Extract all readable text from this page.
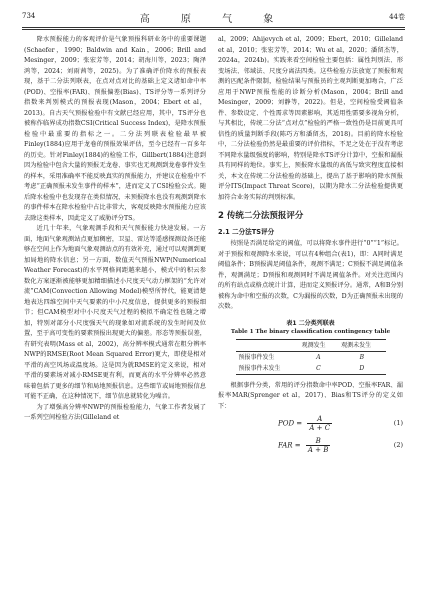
734	高 原 气 象	44卷

降水预报能力的客观评价是气象预报科研业务中的重要课题(Schaefer，1990；Baldwin and Kain，2006；Brill and Mesinger，2009；张宏芳等，2014；胡海川等，2023；陶泽鸿等，2024；刘雨茜等，2025)。为了准确评价降水的预报表现，基于二分法列联表，在点对点对比的基础上定义诸如命中率(POD)、空报率(FAR)、预报偏差(Bias)、TS评分等一系列评分指数来判别模式的预报表现(Mason，2004；Ebert et al，2013)。自古天气预报检验中有文献已经应用，其中，TS评分也被称作临界成功指数CSI(Critical Success Index)，是降水预报检验中最重要的指标之一。二分法列联表检验最早被Finley(1884)应用于龙卷的预报效果评估，至今已经有一百多年的历史。针对Finley(1884)的检验工作，Gillbert(1884)注意到因为检验中包含大量的预报无龙卷、事实也无观测到龙卷事件发生的样本，采用准确率不能反映真实的预报能力，并建议在检验中不考虑“正确预报未发生事件的样本”，进而定义了CSI检验公式。随后降水检验中也发现存在类似情况，未预报降水也没有观测到降水的事件样本在降水检验中占比非常大，客观反映降水预报能力应该去除这类样本，因此定义了威胁评分TS。

近几十年来，气象观测手段和天气预报能力快速发展。一方面，地面气象观测站点更加稠密，卫星、雷达等遥感探测设备还能够在空间上作为地面气象观测站点的有效补充，通过可以观测到更加局地的降水信息；另一方面，数值天气预报NWP(Numerical Weather Forecast)的水平网格间距越来越小，模式中的积云参数化方案逐渐被能够更加精细描述小尺度天气动力框架的“允许对流”CAM(Convection Allowing Model)模型所替代，能更清楚地表达四维空间中天气要素的中小尺度信息，提供更多的预报细节；但CAM模型对中小尺度天气过程的模拟不确定性也随之增加，特别对部分小尺度强天气的现象如对流系统的发生时间及位置，至于高可变性的要素预报出现更大的偏差。形态等预报误差，有研究表明(Mass et al，2002)，高分辨率模式通常在粗分辨率NWP的RMSE(Root Mean Squared Error)更大，即使是相对平滑的高空风场或温度场。这是因为就RMSE的定义来说，相对平滑的要素场对减小RMSE更有利，而更高的水平分辨率必然意味着包括了更多的细节和局地预报信息。这些细节或局地预报信息可能不正确，在这种情况下，细节信息就转化为噪音。

为了增强高分辨率NWP的预报检验能力，气象工作者发展了一系列空间检验方法(Gilleland et

al，2009；Ahijevych et al，2009；Ebert，2010；Gilleland et al，2010；张宏芳等，2014；Wu et al，2020；潘留杰等，2024a，2024b)。实践来看空间检验主要包括：属性判别法、形变场法、邻域法、尺度分离法四类。这些检验方法放宽了预报和观测的匹配条件限制，检验结果与预报员的主观判断更加吻合，广泛应用于NWP预报性能的诊断分析(Mason，2004；Brill and Mesinger，2009；刘静等，2022)。但是，空间检验受阈值条件、参数设定、个性需求等因素影响，其适用性需要多视角分析，与其相比，传统二分法“点对点”检验的严格一致性仍是目前更具可信性的质量判断手段(陈巧方和潘留杰，2018)。目前的降水检验中，二分法检验仍然是最重要的评价指标，不足之处在于没有考虑不同降水量级强度的影响，特别是降水TS评分计算中，空报和漏报具有同样的地位。事实上，预报降水量级的高低与致灾程度直接相关，本文在传统二分法检验的基础上，提出了基于影响的降水预报评分ITS(Impact Threat Score)，以期为降水二分法检验提供更加符合业务实际的判别标准。

2 传统二分法预报评分
2.1 二分法TS评分

按照是否满足给定的阈值，可以将降水事件进行“0”“1”标记。对于预报和观测降水来说，可以有4种组合(表1)，即：A同时满足阈值条件；B预报满足阈值条件，观测不满足；C预报不满足阈值条件，观测满足；D预报和观测同时不满足阈值条件。对关注范围内的所有站点或格点统计计算，进而定义预报评分。通常，A和B分别被称为命中和空报的次数，C为漏报的次数，D为正确预报未出现的次数。

表1 二分类列联表
Table 1 The binary classification contingency table
	观测发生	观测未发生
预报事件发生	A	B
预报事件未发生	C	D

根据事件分类，常用的评分指数命中率POD、空报率FAR、漏报率MAR(Sprenger et al，2017)、Bias和TS评分的定义如下：

POD = $\frac{A}{A + C}$	(1)
FAR = $\frac{B}{A + B}$	(2)
